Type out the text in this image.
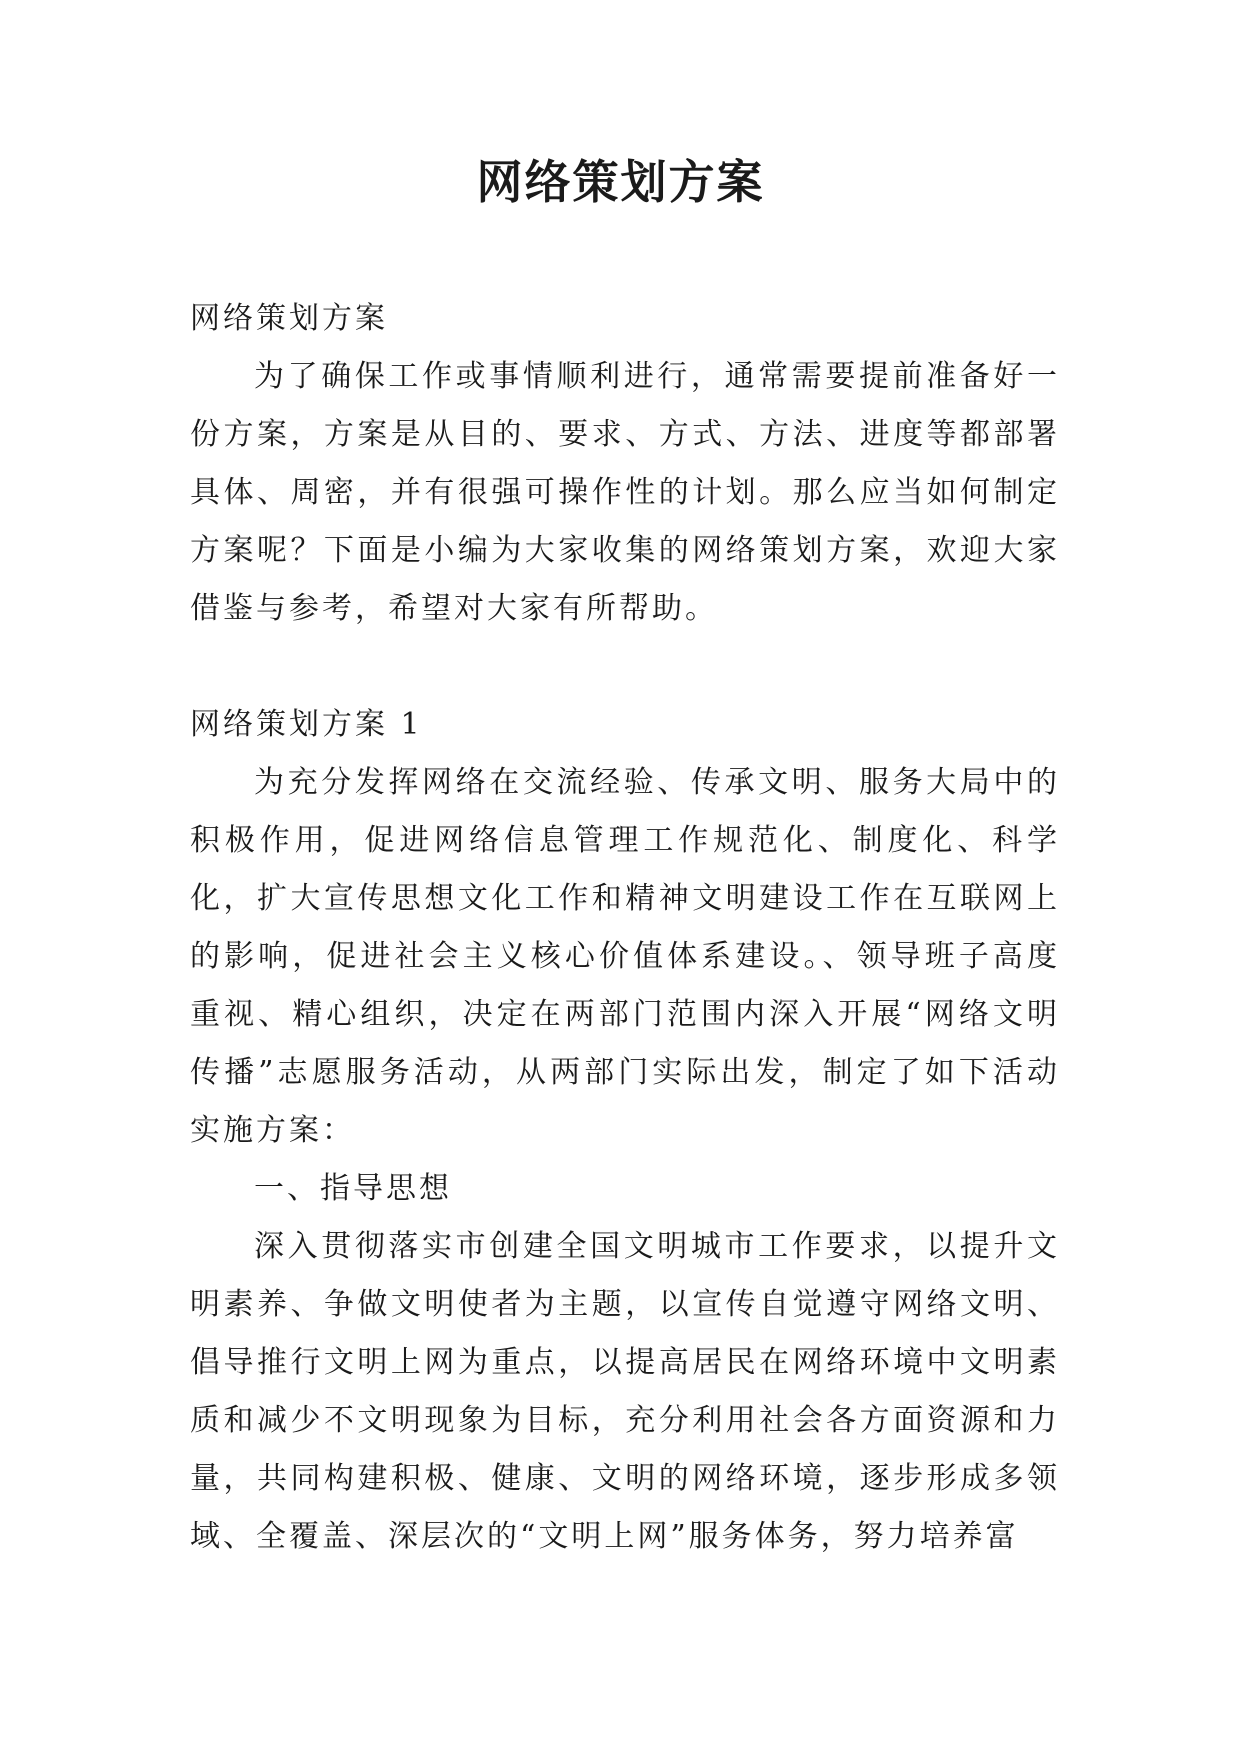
网络策划方案

网络策划方案

为了确保工作或事情顺利进行，通常需要提前准备好一份方案，方案是从目的、要求、方式、方法、进度等都部署具体、周密，并有很强可操作性的计划。那么应当如何制定方案呢？下面是小编为大家收集的网络策划方案，欢迎大家借鉴与参考，希望对大家有所帮助。

网络策划方案 1

为充分发挥网络在交流经验、传承文明、服务大局中的积极作用，促进网络信息管理工作规范化、制度化、科学化，扩大宣传思想文化工作和精神文明建设工作在互联网上的影响，促进社会主义核心价值体系建设。、领导班子高度重视、精心组织，决定在两部门范围内深入开展“网络文明传播”志愿服务活动，从两部门实际出发，制定了如下活动实施方案：

一、指导思想

深入贯彻落实市创建全国文明城市工作要求，以提升文明素养、争做文明使者为主题，以宣传自觉遵守网络文明、倡导推行文明上网为重点，以提高居民在网络环境中文明素质和减少不文明现象为目标，充分利用社会各方面资源和力量，共同构建积极、健康、文明的网络环境，逐步形成多领域、全覆盖、深层次的“文明上网”服务体务，努力培养富
